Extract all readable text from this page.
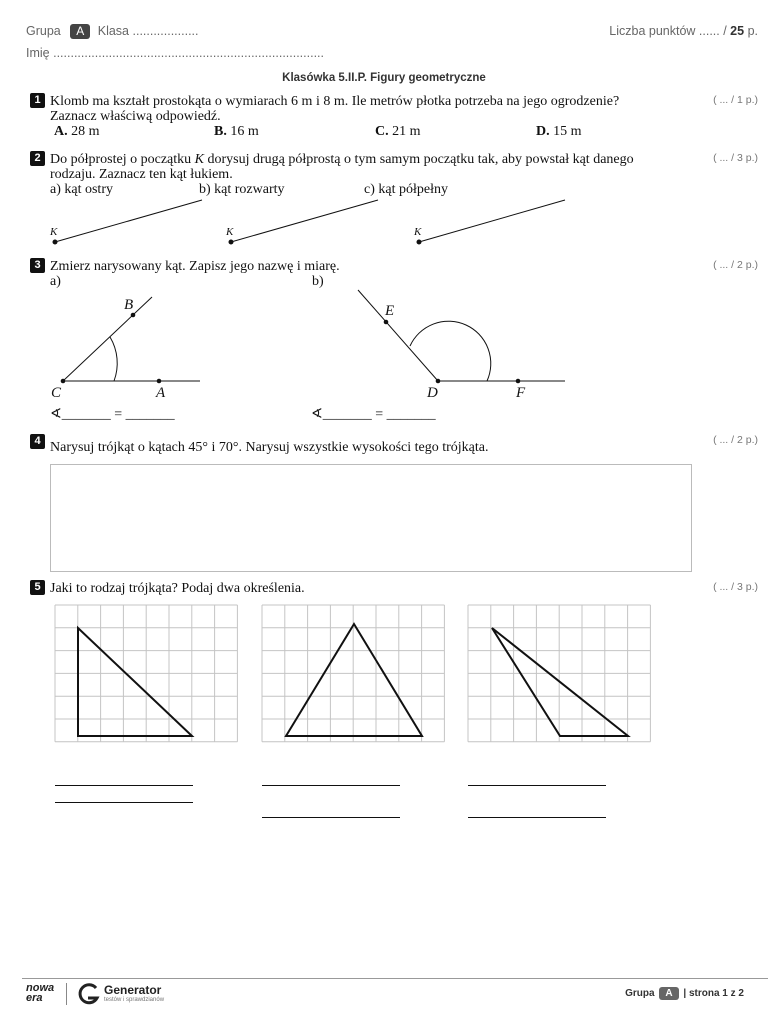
Grupa A Klasa ...................	Liczba punktów ...... / 25 p.
Imię ..............................................................................
Klasówka 5.II.P. Figury geometryczne
1 Klomb ma kształt prostokąta o wymiarach 6 m i 8 m. Ile metrów płotka potrzeba na jego ogrodzenie?
Zaznacz właściwą odpowiedź.
( ... / 1 p.)
A. 28 m	B. 16 m	C. 21 m	D. 15 m
2 Do półprostej o początku K dorysuj drugą półprostą o tym samym początku tak, aby powstał kąt danego
rodzaju. Zaznacz ten kąt łukiem.
( ... / 3 p.)
a) kąt ostry	b) kąt rozwarty	c) kąt półpełny
K	K	K
3 Zmierz narysowany kąt. Zapisz jego nazwę i miarę.	( ... / 2 p.)
a)	b)
B
C	A
E
D	F
∢_______ = _______	∢_______ = _______
4 Narysuj trójkąt o kątach 45° i 70°. Narysuj wszystkie wysokości tego trójkąta.	( ... / 2 p.)
5 Jaki to rodzaj trójkąta? Podaj dwa określenia.	( ... / 3 p.)
nowa
era
Generator
testów i sprawdzianów
Grupa A | strona 1 z 2
